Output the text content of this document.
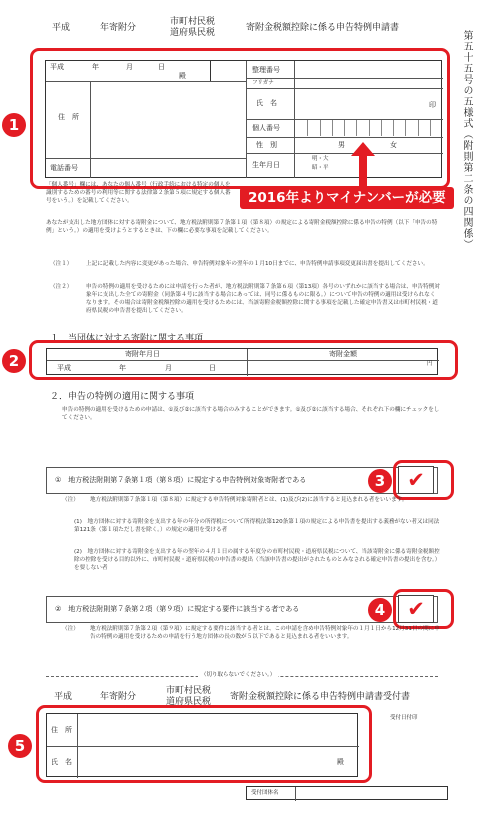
平成	年寄附分
市町村民税
道府県民税	寄附金税額控除に係る申告特例申請書
第五十五号の五様式（附則第二条の四関係）
平成	年	月	日
殿
住　所
電話番号
整理番号
フリガナ
氏　名	印
個人番号
性　別	男	女
生年月日
明・大
昭・平
1
2016年よりマイナンバーが必要
「個人番号」欄には、あなたの個人番号（行政手続における特定の個人を識別するための番号の利用等に関する法律第２条第５項に規定する個人番号をいう。）を記載してください。
あなたが支出した地方団体に対する寄附金について、地方税法附則第７条第１項（第８項）の規定による寄附金税額控除に係る申告の特例（以下「申告の特例」という。）の適用を受けようとするときは、下の欄に必要な事項を記載してください。
（注１）	上記に記載した内容に変更があった場合、申告特例対象年の翌年の１月10日までに、申告特例申請事項変更届出書を提出してください。
（注２）	申告の特例の適用を受けるためには申請を行った者が、地方税法附則第７条第６項（第13項）各号のいずれかに該当する場合は、申告特例対象年に支出した全ての寄附金（同条第４号に該当する場合にあっては、同号に係るものに限る。）について申告の特例の適用は受けられなくなります。その場合は寄附金税額控除の適用を受けるためには、当該寄附金税額控除に関する事項を記載した確定申告書又は市町村民税・道府県民税の申告書を提出してください。
１．当団体に対する寄附に関する事項
寄附年月日	寄附金額
平成	年	月	日	円
2
２．申告の特例の適用に関する事項
申告の特例の適用を受けるための申請は、①及び②に該当する場合のみすることができます。①及び②に該当する場合、それぞれ下の欄にチェックをしてください。
①　地方税法附則第７条第１項（第８項）に規定する申告特例対象寄附者である	✔
3
（注）	地方税法附則第７条第１項（第８項）に規定する申告特例対象寄附者とは、(1)及び(2)に該当すると見込まれる者をいいます。
(1)　地方団体に対する寄附金を支出する年の年分の所得税について所得税法第120条第１項の規定による申告書を提出する義務がない者又は同法第121条（第１項ただし書を除く。）の規定の適用を受ける者
(2)　地方団体に対する寄附金を支出する年の翌年の４月１日の属する年度分の市町村民税・道府県民税について、当該寄附金に係る寄附金税額控除の控除を受ける目的以外に、市町村民税・道府県民税の申告書の提出（当該申告書の提出がされたものとみなされる確定申告書の提出を含む。）を要しない者
②　地方税法附則第７条第２項（第９項）に規定する要件に該当する者である	✔
4
（注）	地方税法附則第７条第２項（第９項）に規定する要件に該当する者とは、この申請を含め申告特例対象年の１月１日から12月31日の間に申告の特例の適用を受けるための申請を行う地方団体の長の数が５以下であると見込まれる者をいいます。
（切り取らないでください。）
平成	年寄附分
市町村民税
道府県民税 寄附金税額控除に係る申告特例申請書受付書
住　所
氏　名	殿
5
受付日付印
受付団体名
